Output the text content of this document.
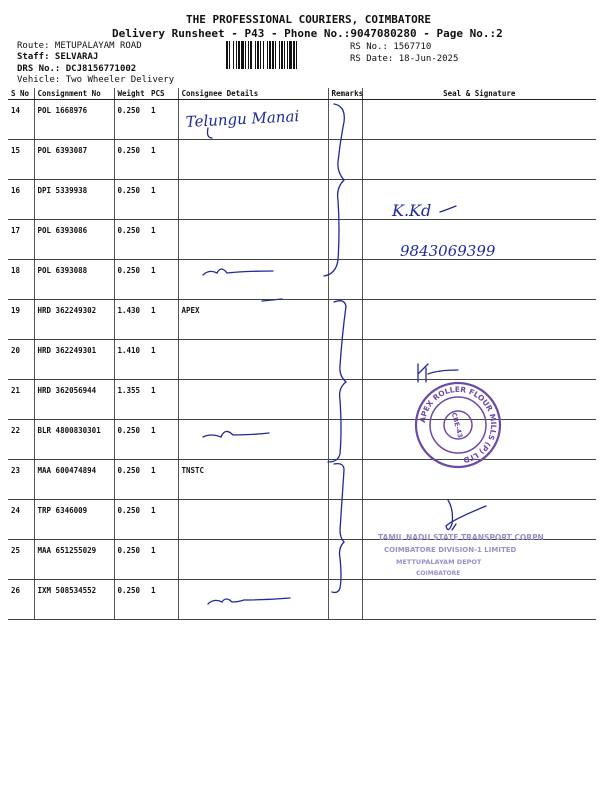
THE PROFESSIONAL COURIERS, COIMBATORE
Delivery Runsheet - P43 - Phone No.:9047080280 - Page No.:2
Route: METUPALAYAM ROAD
Staff: SELVARAJ
DRS No.: DCJ8156771002
Vehicle: Two Wheeler Delivery
RS No.: 1567710
RS Date: 18-Jun-2025
S No	Consignment No	Weight	PCS	Consignee Details	Remarks	Seal & Signature
14	POL 1668976	0.250	1			
15	POL 6393087	0.250	1			
16	DPI 5339938	0.250	1			
17	POL 6393086	0.250	1			
18	POL 6393088	0.250	1			
19	HRD 362249302	1.430	1	APEX		
20	HRD 362249301	1.410	1			
21	HRD 362056944	1.355	1			
22	BLR 4800830301	0.250	1			
23	MAA 600474894	0.250	1	TNSTC		
24	TRP 6346009	0.250	1			
25	MAA 651255029	0.250	1			
26	IXM 508534552	0.250	1			
Telungu Manai
K.Kd
9843069399
APEX ROLLER FLOUR MILLS (P) LTD
CBE-43
TAMIL NADU STATE TRANSPORT CORPN
COIMBATORE DIVISION-1 LIMITED
METTUPALAYAM DEPOT
COIMBATORE
